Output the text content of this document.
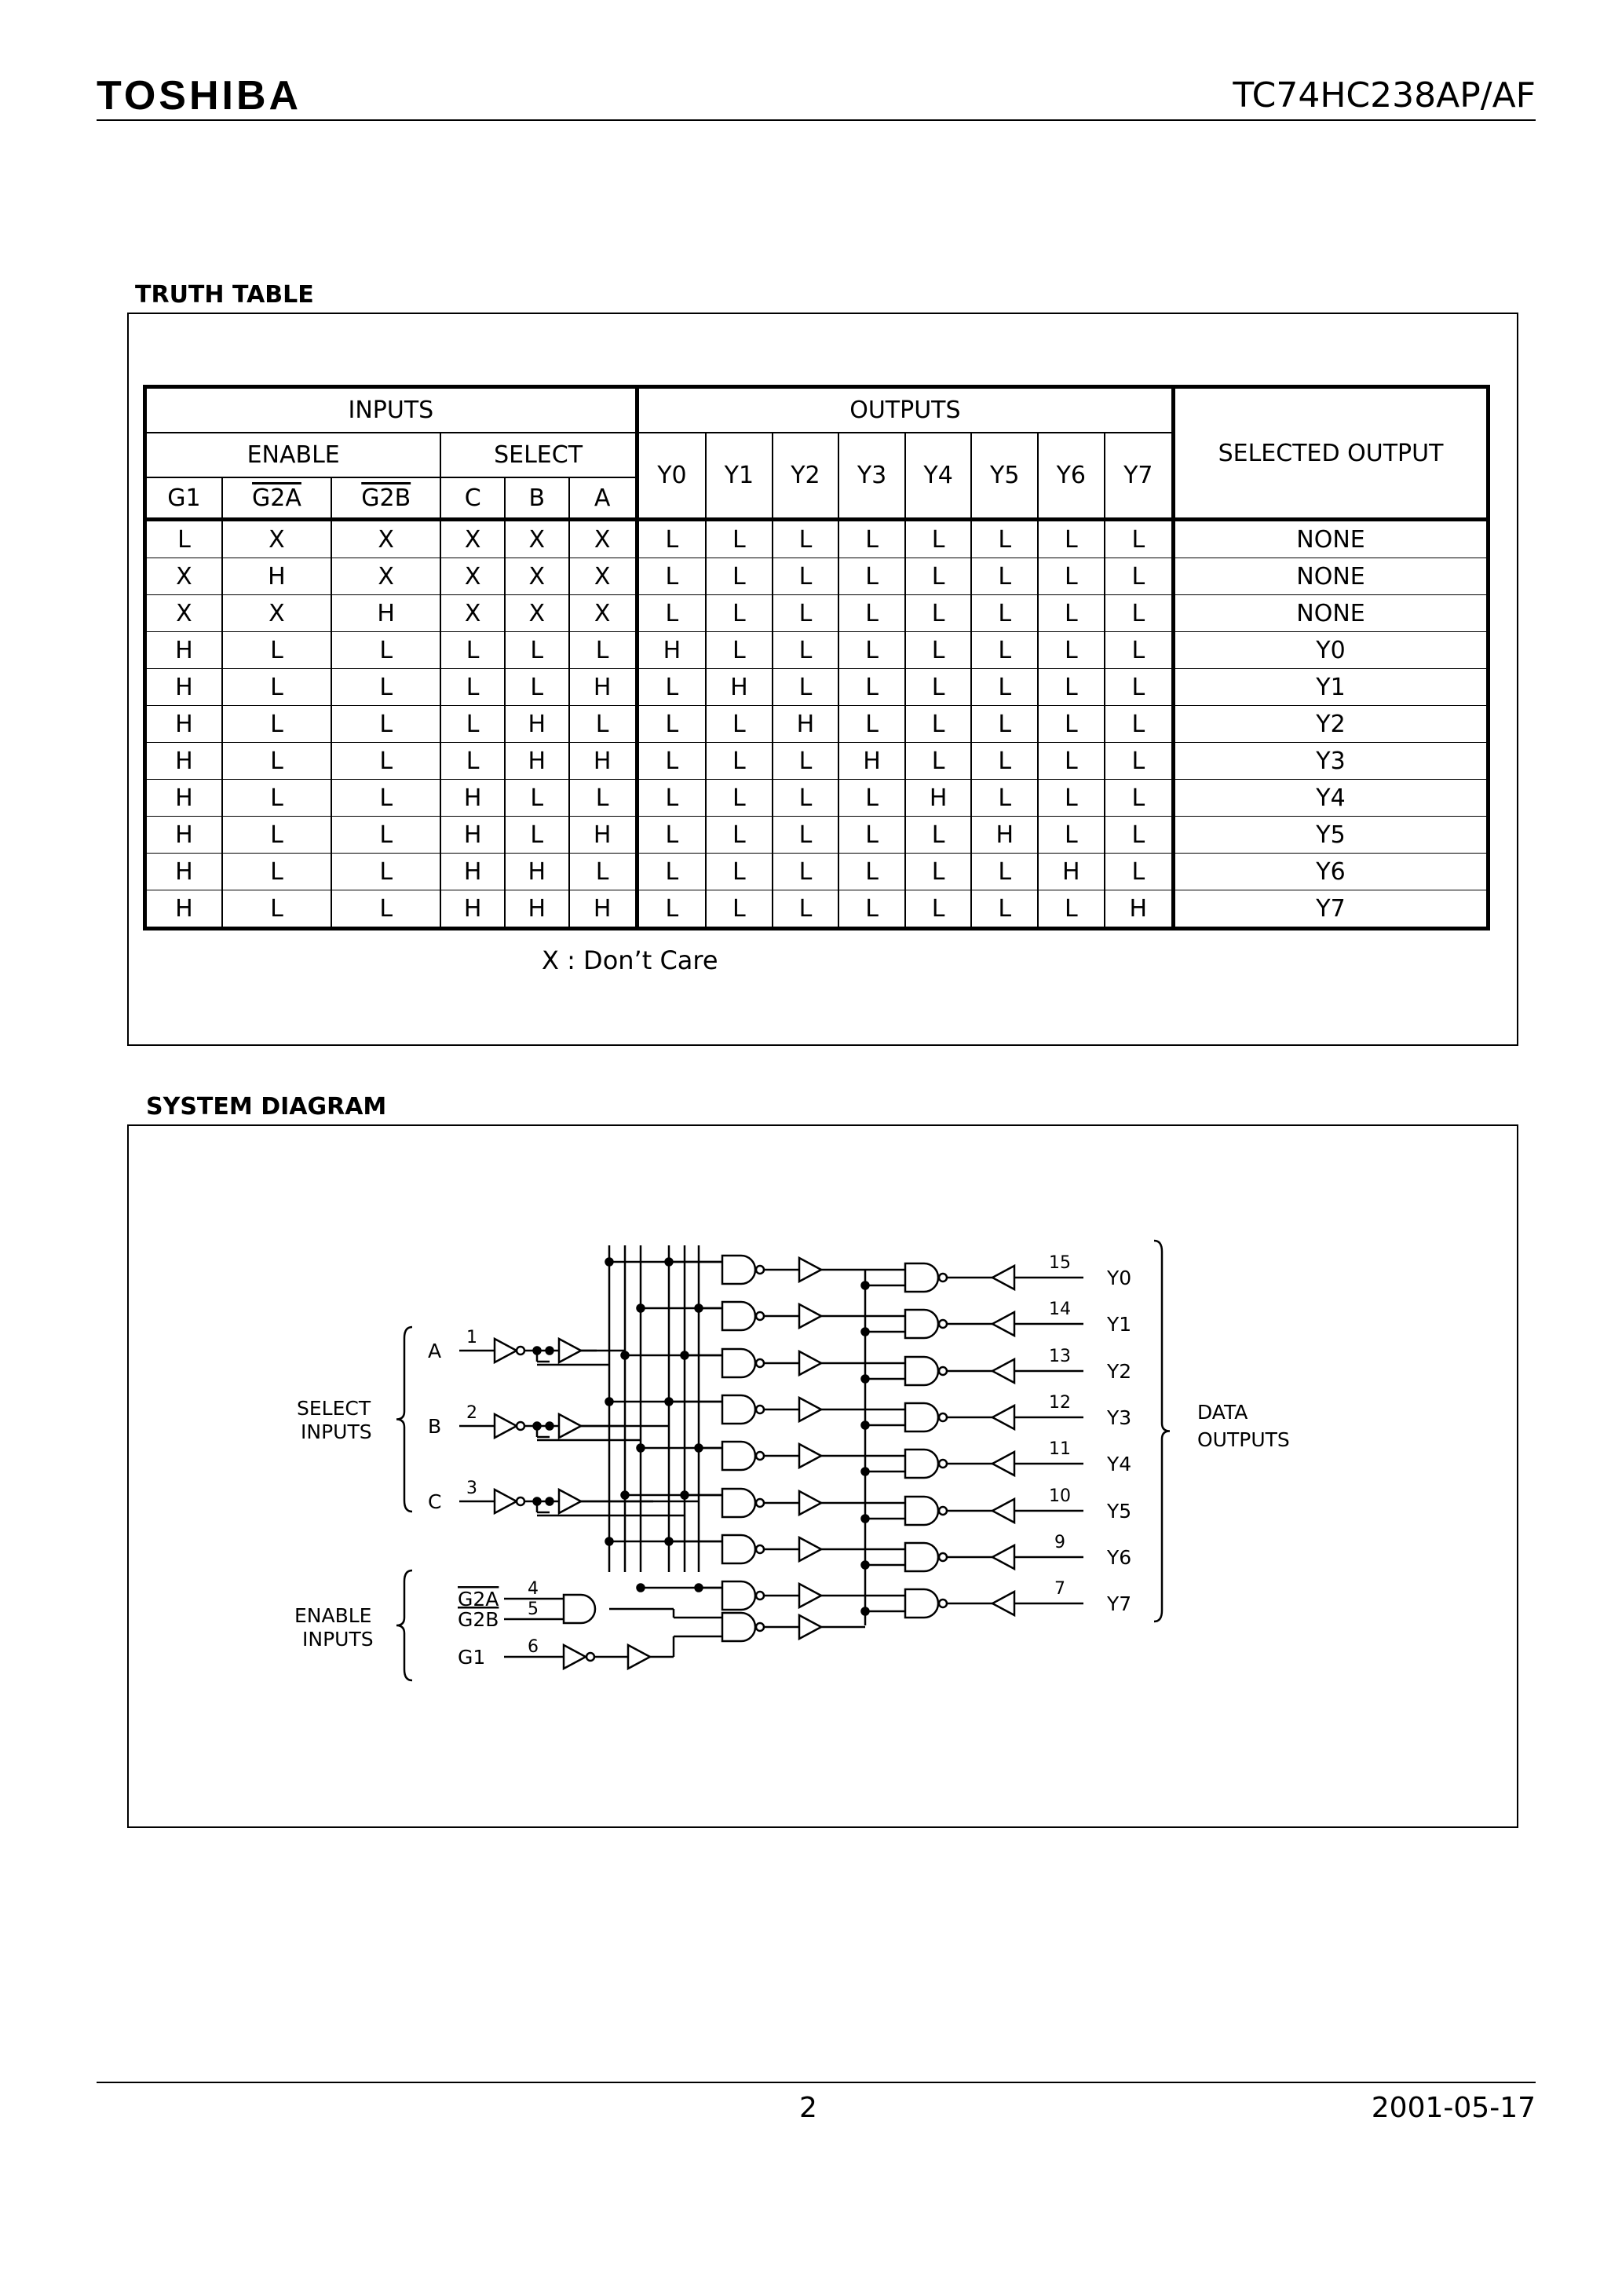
TOSHIBA	TC74HC238AP/AF
TRUTH TABLE
INPUTS						OUTPUTS								SELECTED OUTPUT
ENABLE			SELECT			Y0	Y1	Y2	Y3	Y4	Y5	Y6	Y7	
G1	G2A	G2B	C	B	A									
L	X	X	X	X	X	L	L	L	L	L	L	L	L	NONE
X	H	X	X	X	X	L	L	L	L	L	L	L	L	NONE
X	X	H	X	X	X	L	L	L	L	L	L	L	L	NONE
H	L	L	L	L	L	H	L	L	L	L	L	L	L	Y0
H	L	L	L	L	H	L	H	L	L	L	L	L	L	Y1
H	L	L	L	H	L	L	L	H	L	L	L	L	L	Y2
H	L	L	L	H	H	L	L	L	H	L	L	L	L	Y3
H	L	L	H	L	L	L	L	L	L	H	L	L	L	Y4
H	L	L	H	L	H	L	L	L	L	L	H	L	L	Y5
H	L	L	H	H	L	L	L	L	L	L	L	H	L	Y6
H	L	L	H	H	H	L	L	L	L	L	L	L	H	Y7
X : Don’t Care
SYSTEM DIAGRAM
A
1
B
2
C
3
G2A 4
G2B 5
G1 6
15
Y0
14
Y1
13
Y2
12
Y3
11
Y4
10
Y5
9
Y6
7
Y7
SELECT
INPUTS
ENABLE
INPUTS
DATA
OUTPUTS
2	2001-05-17
